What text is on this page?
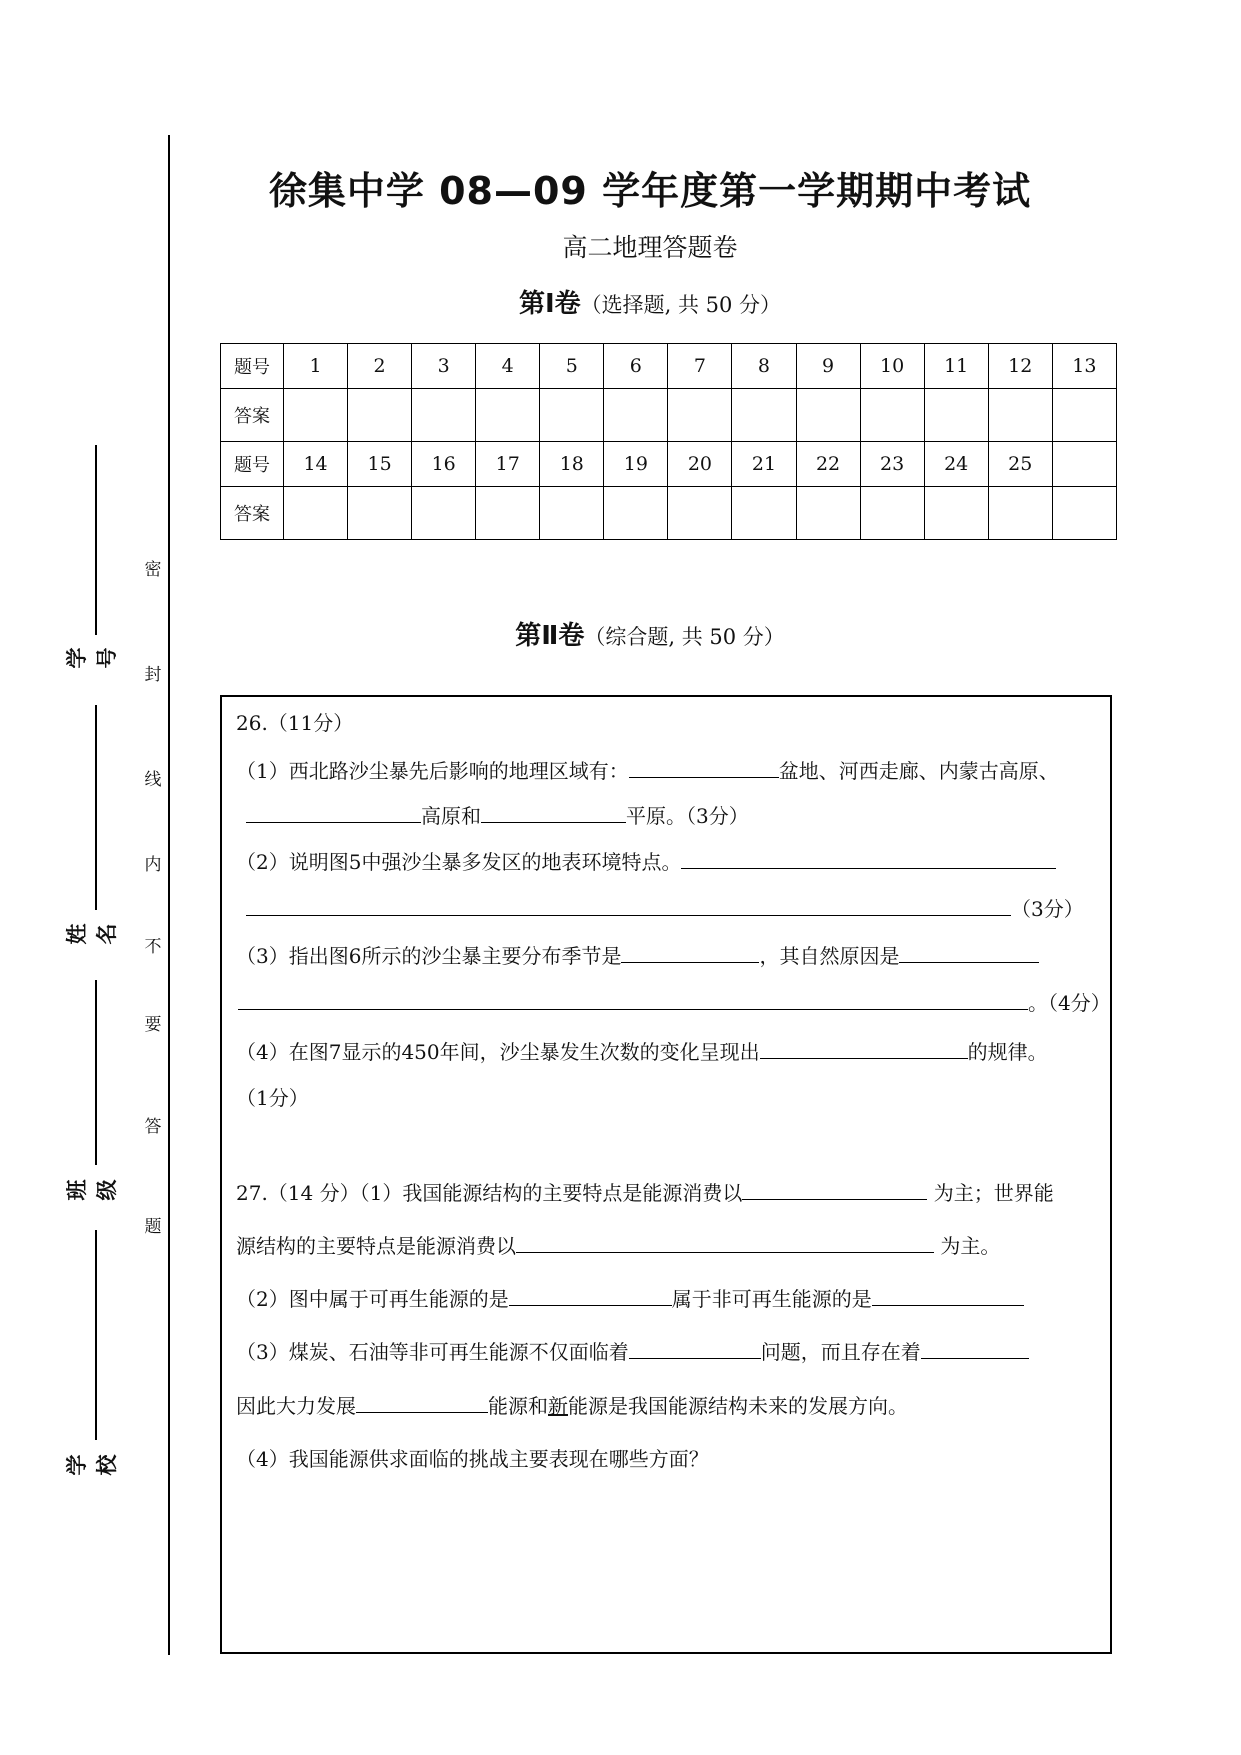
密
封
线
内
不
要
答
题
学号
姓名
班级
学校
徐集中学 08—09 学年度第一学期期中考试
高二地理答题卷
第Ⅰ卷（选择题, 共 50 分）
题号	1	2	3	4	5	6	7	8	9	10	11	12	13
答案													
题号	14	15	16	17	18	19	20	21	22	23	24	25	
答案													
第Ⅱ卷（综合题, 共 50 分）
26.（11分）
（1）西北路沙尘暴先后影响的地理区域有：	盆地、河西走廊、内蒙古高原、
高原和	平原。（3分）
（2）说明图5中强沙尘暴多发区的地表环境特点。
（3分）
（3）指出图6所示的沙尘暴主要分布季节是	，其自然原因是
。（4分）
（4）在图7显示的450年间，沙尘暴发生次数的变化呈现出	的规律。
（1分）
27.（14 分）（1）我国能源结构的主要特点是能源消费以	为主；世界能
源结构的主要特点是能源消费以	为主。
（2）图中属于可再生能源的是	属于非可再生能源的是
（3）煤炭、石油等非可再生能源不仅面临着	问题，而且存在着
因此大力发展	能源和新能源是我国能源结构未来的发展方向。
（4）我国能源供求面临的挑战主要表现在哪些方面？
